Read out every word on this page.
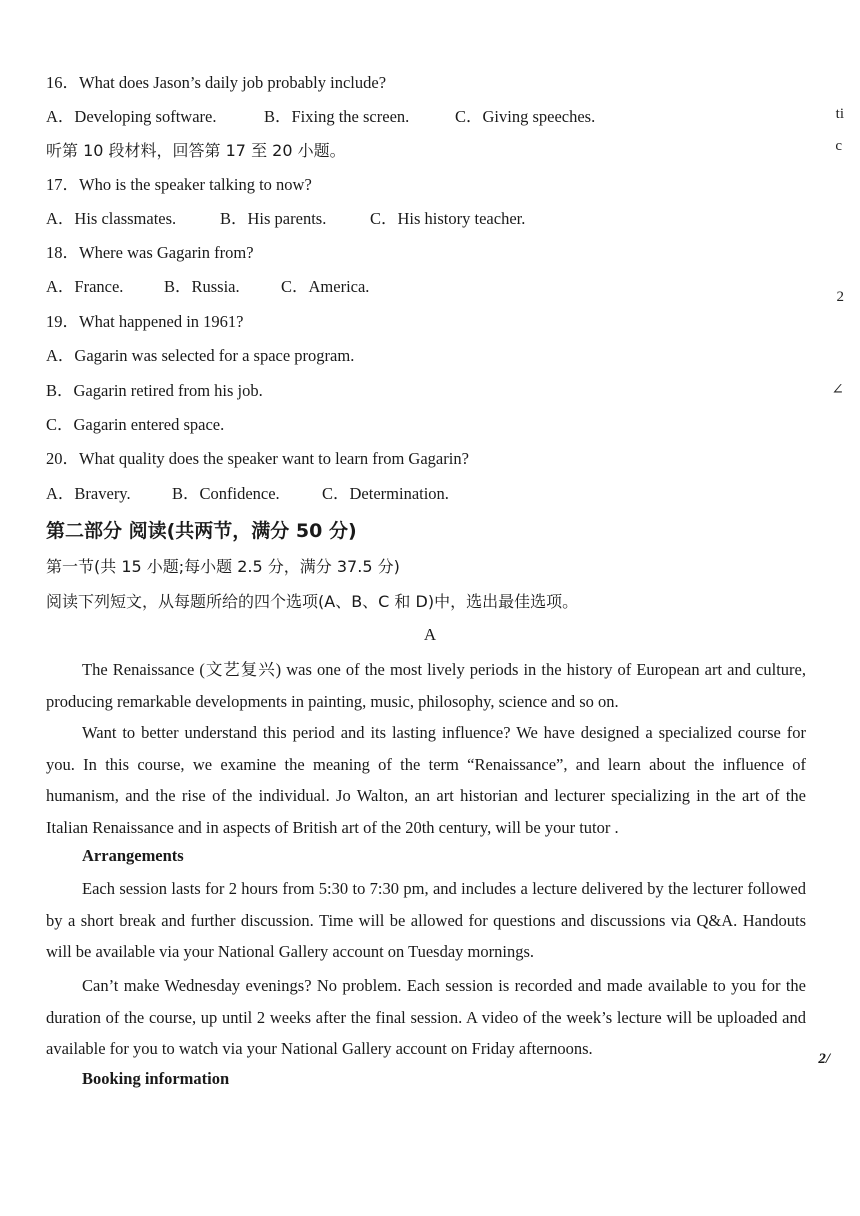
16．What does Jason’s daily job probably include?
A．Developing software.	B．Fixing the screen.	C．Giving speeches.
听第 10 段材料，回答第 17 至 20 小题。
17．Who is the speaker talking to now?
A．His classmates.	B．His parents.	C．His history teacher.
18．Where was Gagarin from?
A．France. B．Russia.	C．America.
19．What happened in 1961?
A．Gagarin was selected for a space program.
B．Gagarin retired from his job.
C．Gagarin entered space.
20．What quality does the speaker want to learn from Gagarin?
A．Bravery.	B．Confidence.	C．Determination.
第二部分 阅读(共两节，满分 50 分)
第一节(共 15 小题;每小题 2.5 分，满分 37.5 分)
阅读下列短文，从每题所给的四个选项(A、B、C 和 D)中，选出最佳选项。
A
The Renaissance (文艺复兴) was one of the most lively periods in the history of European art and culture, producing remarkable developments in painting, music, philosophy, science and so on.
Want to better understand this period and its lasting influence? We have designed a specialized course for you. In this course, we examine the meaning of the term “Renaissance”, and learn about the influence of humanism, and the rise of the individual. Jo Walton, an art historian and lecturer specializing in the art of the Italian Renaissance and in aspects of British art of the 20th century, will be your tutor .
Arrangements
Each session lasts for 2 hours from 5:30 to 7:30 pm, and includes a lecture delivered by the lecturer followed by a short break and further discussion. Time will be allowed for questions and discussions via Q&A. Handouts will be available via your National Gallery account on Tuesday mornings.
Can’t make Wednesday evenings? No problem. Each session is recorded and made available to you for the duration of the course, up until 2 weeks after the final session. A video of the week’s lecture will be uploaded and available for you to watch via your National Gallery account on Friday afternoons.
Booking information
ti
c
2
∠
2/
